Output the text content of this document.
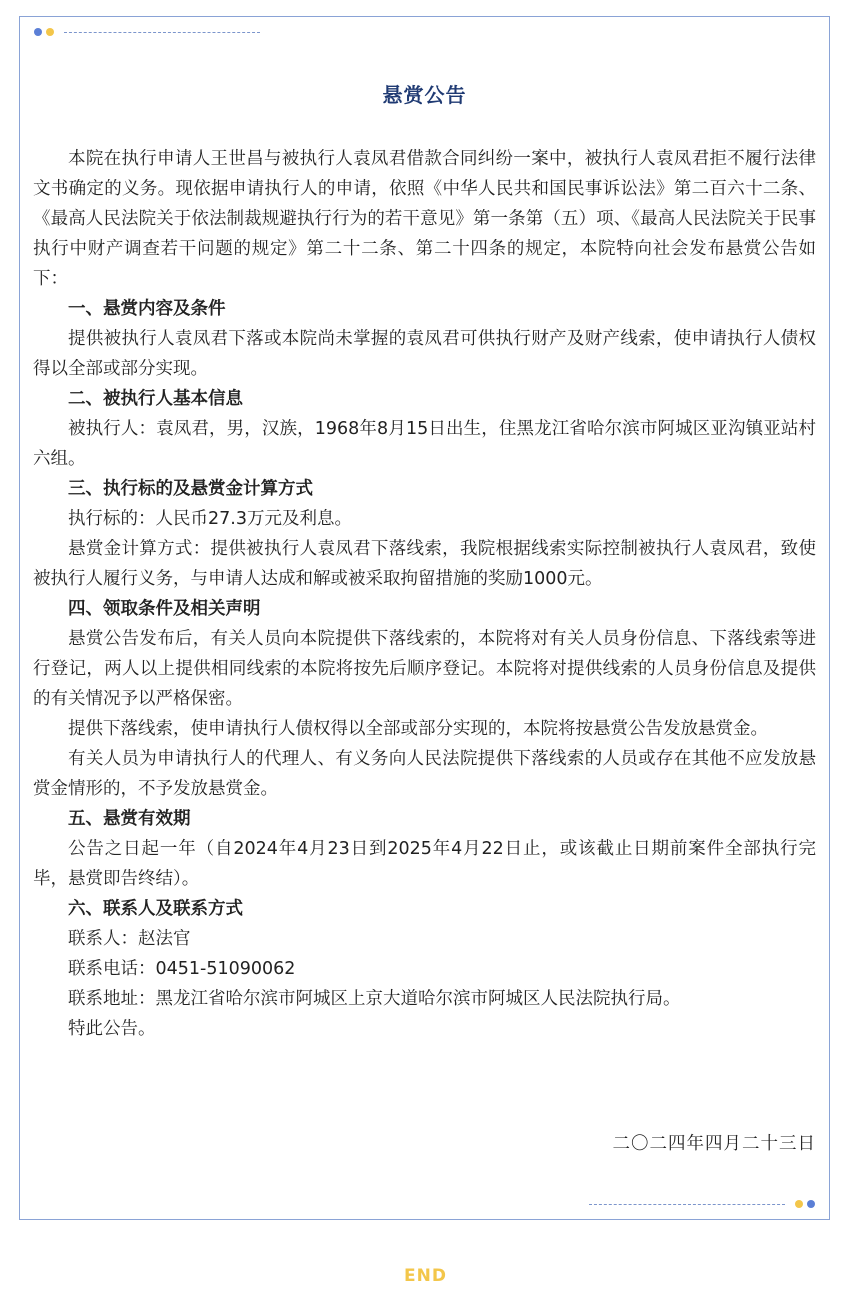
悬赏公告

本院在执行申请人王世昌与被执行人袁凤君借款合同纠纷一案中，被执行人袁凤君拒不履行法律文书确定的义务。现依据申请执行人的申请，依照《中华人民共和国民事诉讼法》第二百六十二条、《最高人民法院关于依法制裁规避执行行为的若干意见》第一条第（五）项、《最高人民法院关于民事执行中财产调查若干问题的规定》第二十二条、第二十四条的规定，本院特向社会发布悬赏公告如下：

一、悬赏内容及条件

提供被执行人袁凤君下落或本院尚未掌握的袁凤君可供执行财产及财产线索，使申请执行人债权得以全部或部分实现。

二、被执行人基本信息

被执行人：袁凤君，男，汉族，1968年8月15日出生，住黑龙江省哈尔滨市阿城区亚沟镇亚站村六组。

三、执行标的及悬赏金计算方式

执行标的：人民币27.3万元及利息。

悬赏金计算方式：提供被执行人袁凤君下落线索，我院根据线索实际控制被执行人袁凤君，致使被执行人履行义务，与申请人达成和解或被采取拘留措施的奖励1000元。

四、领取条件及相关声明

悬赏公告发布后，有关人员向本院提供下落线索的，本院将对有关人员身份信息、下落线索等进行登记，两人以上提供相同线索的本院将按先后顺序登记。本院将对提供线索的人员身份信息及提供的有关情况予以严格保密。

提供下落线索，使申请执行人债权得以全部或部分实现的，本院将按悬赏公告发放悬赏金。

有关人员为申请执行人的代理人、有义务向人民法院提供下落线索的人员或存在其他不应发放悬赏金情形的，不予发放悬赏金。

五、悬赏有效期

公告之日起一年（自2024年4月23日到2025年4月22日止，或该截止日期前案件全部执行完毕，悬赏即告终结）。

六、联系人及联系方式

联系人：赵法官

联系电话：0451-51090062

联系地址：黑龙江省哈尔滨市阿城区上京大道哈尔滨市阿城区人民法院执行局。

特此公告。

二〇二四年四月二十三日
END
